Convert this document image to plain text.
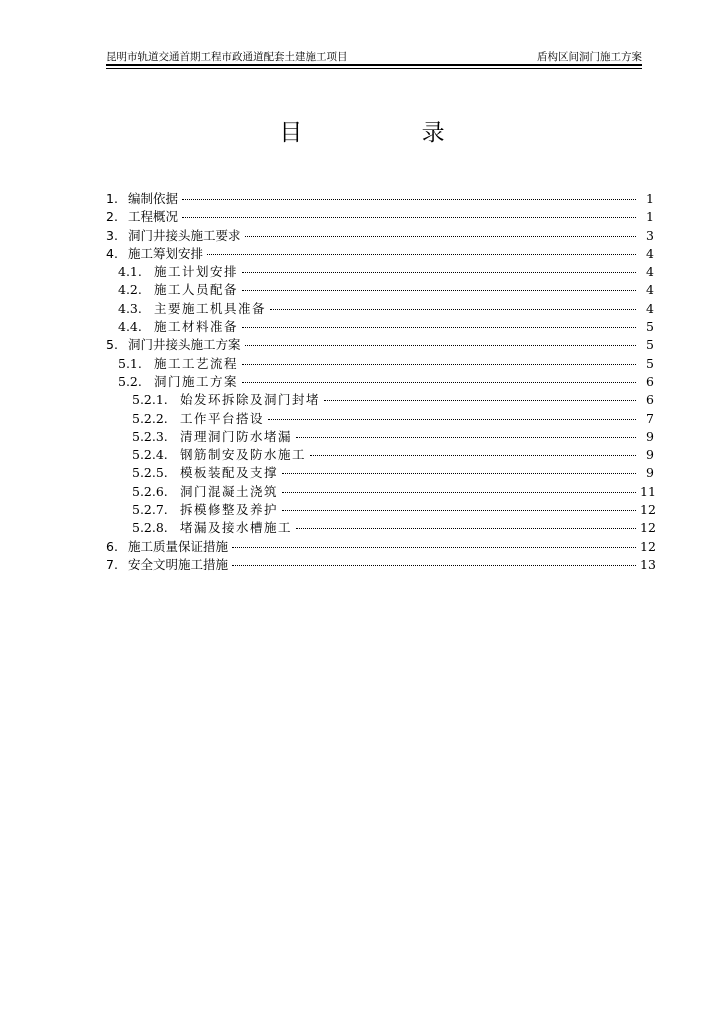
昆明市轨道交通首期工程市政通道配套土建施工项目	盾构区间洞门施工方案
目 录
1. 编制依据	1
2. 工程概况	1
3. 洞门井接头施工要求	3
4. 施工筹划安排	4
4.1. 施工计划安排	4
4.2. 施工人员配备	4
4.3. 主要施工机具准备	4
4.4. 施工材料准备	5
5. 洞门井接头施工方案	5
5.1. 施工工艺流程	5
5.2. 洞门施工方案	6
5.2.1. 始发环拆除及洞门封堵	6
5.2.2. 工作平台搭设	7
5.2.3. 清理洞门防水堵漏	9
5.2.4. 钢筋制安及防水施工	9
5.2.5. 模板装配及支撑	9
5.2.6. 洞门混凝土浇筑	11
5.2.7. 拆模修整及养护	12
5.2.8. 堵漏及接水槽施工	12
6. 施工质量保证措施	12
7. 安全文明施工措施	13
